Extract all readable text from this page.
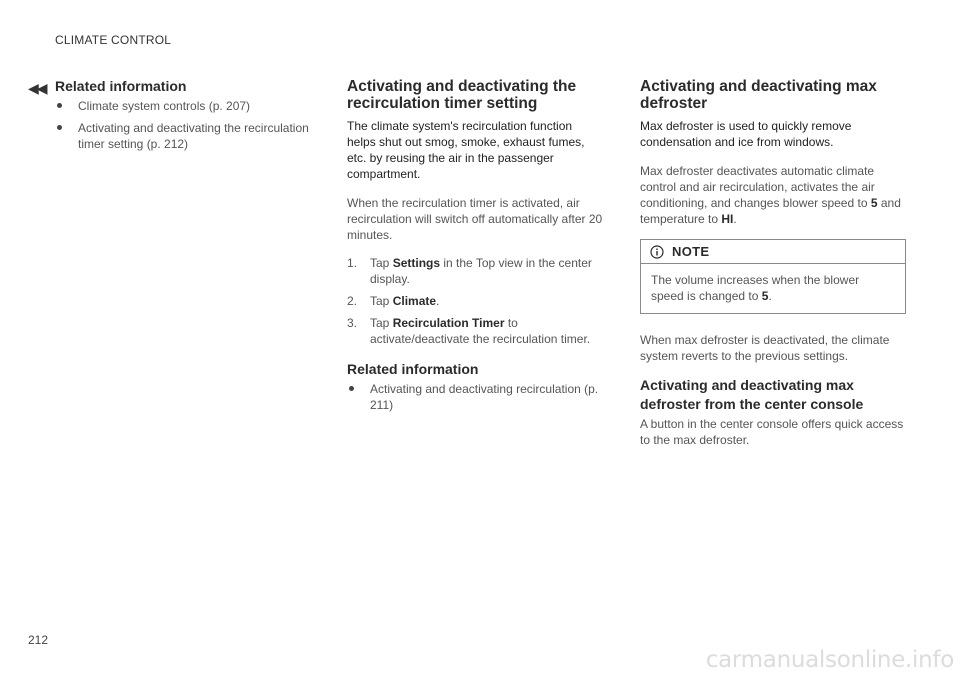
CLIMATE CONTROL
◀◀ Related information
Climate system controls (p. 207)
Activating and deactivating the recirculation timer setting (p. 212)
Activating and deactivating the recirculation timer setting

The climate system's recirculation function helps shut out smog, smoke, exhaust fumes, etc. by reusing the air in the passenger compartment.

When the recirculation timer is activated, air recirculation will switch off automatically after 20 minutes.

1. Tap Settings in the Top view in the center display.
2. Tap Climate.
3. Tap Recirculation Timer to activate/deactivate the recirculation timer.
Related information
Activating and deactivating recirculation (p. 211)
Activating and deactivating max defroster

Max defroster is used to quickly remove condensation and ice from windows.

Max defroster deactivates automatic climate control and air recirculation, activates the air conditioning, and changes blower speed to 5 and temperature to HI.

NOTE
The volume increases when the blower speed is changed to 5.

When max defroster is deactivated, the climate system reverts to the previous settings.

Activating and deactivating max defroster from the center console

A button in the center console offers quick access to the max defroster.

212
carmanualsonline.info
